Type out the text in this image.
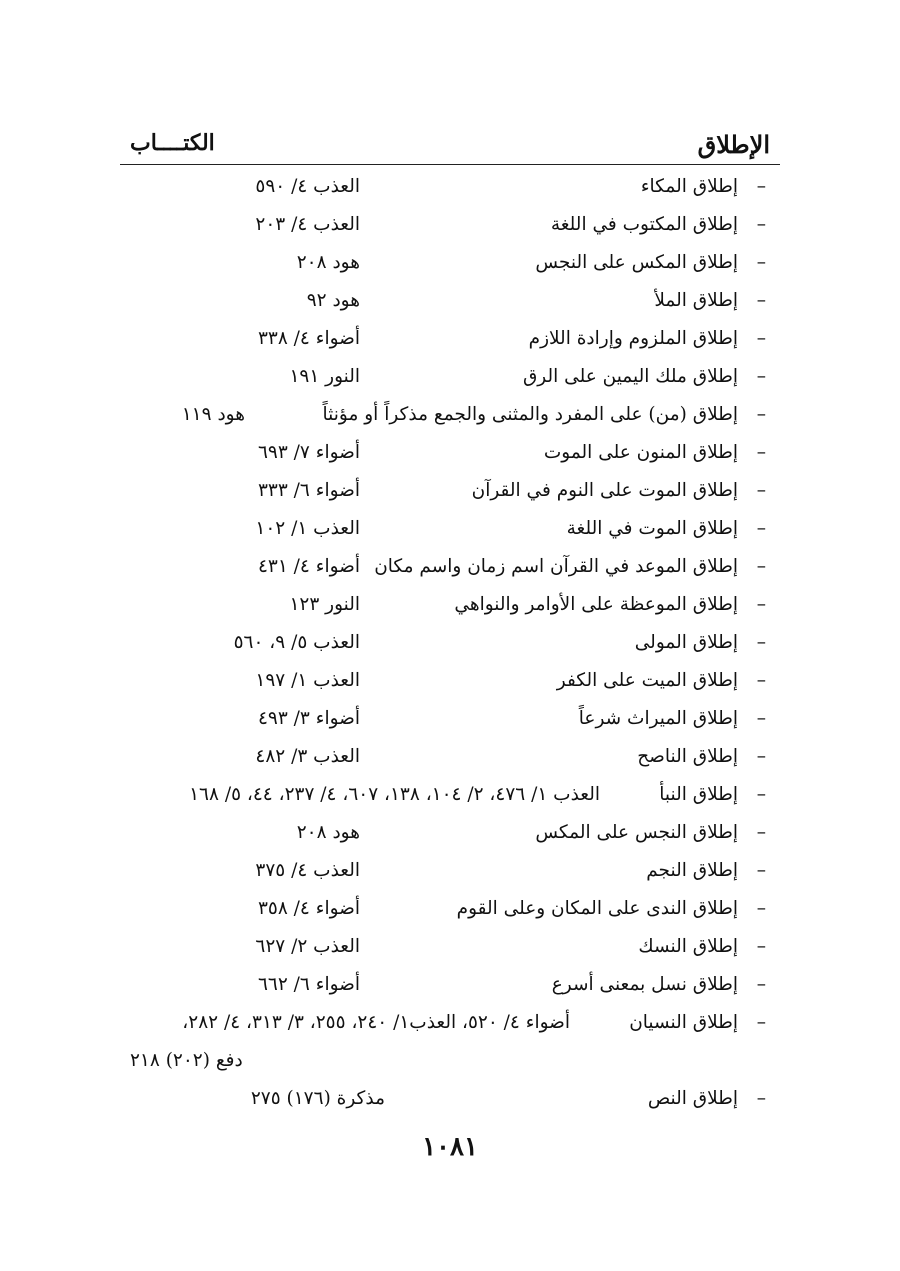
الإطلاق
الكتــــاب
–
إطلاق المكاء
العذب ٤/ ٥٩٠
–
إطلاق المكتوب في اللغة
العذب ٤/ ٢٠٣
–
إطلاق المكس على النجس
هود ٢٠٨
–
إطلاق الملأ
هود ٩٢
–
إطلاق الملزوم وإرادة اللازم
أضواء ٤/ ٣٣٨
–
إطلاق ملك اليمين على الرق
النور ١٩١
–
إطلاق (من) على المفرد والمثنى والجمع مذكراً أو مؤنثاً
هود ١١٩
–
إطلاق المنون على الموت
أضواء ٧/ ٦٩٣
–
إطلاق الموت على النوم في القرآن
أضواء ٦/ ٣٣٣
–
إطلاق الموت في اللغة
العذب ١/ ١٠٢
–
إطلاق الموعد في القرآن اسم زمان واسم مكان
أضواء ٤/ ٤٣١
–
إطلاق الموعظة على الأوامر والنواهي
النور ١٢٣
–
إطلاق المولى
العذب ٥/ ٩، ٥٦٠
–
إطلاق الميت على الكفر
العذب ١/ ١٩٧
–
إطلاق الميراث شرعاً
أضواء ٣/ ٤٩٣
–
إطلاق الناصح
العذب ٣/ ٤٨٢
–
إطلاق النبأ
العذب ١/ ٤٧٦، ٢/ ١٠٤، ١٣٨، ٦٠٧، ٤/ ٢٣٧، ٤٤، ٥/ ١٦٨
–
إطلاق النجس على المكس
هود ٢٠٨
–
إطلاق النجم
العذب ٤/ ٣٧٥
–
إطلاق الندى على المكان وعلى القوم
أضواء ٤/ ٣٥٨
–
إطلاق النسك
العذب ٢/ ٦٢٧
–
إطلاق نسل بمعنى أسرع
أضواء ٦/ ٦٦٢
–
إطلاق النسيان
أضواء ٤/ ٥٢٠، العذب١/ ٢٤٠، ٢٥٥، ٣/ ٣١٣، ٤/ ٢٨٢،
دفع (٢٠٢) ٢١٨
–
إطلاق النص
مذكرة (١٧٦) ٢٧٥
١٠٨١
